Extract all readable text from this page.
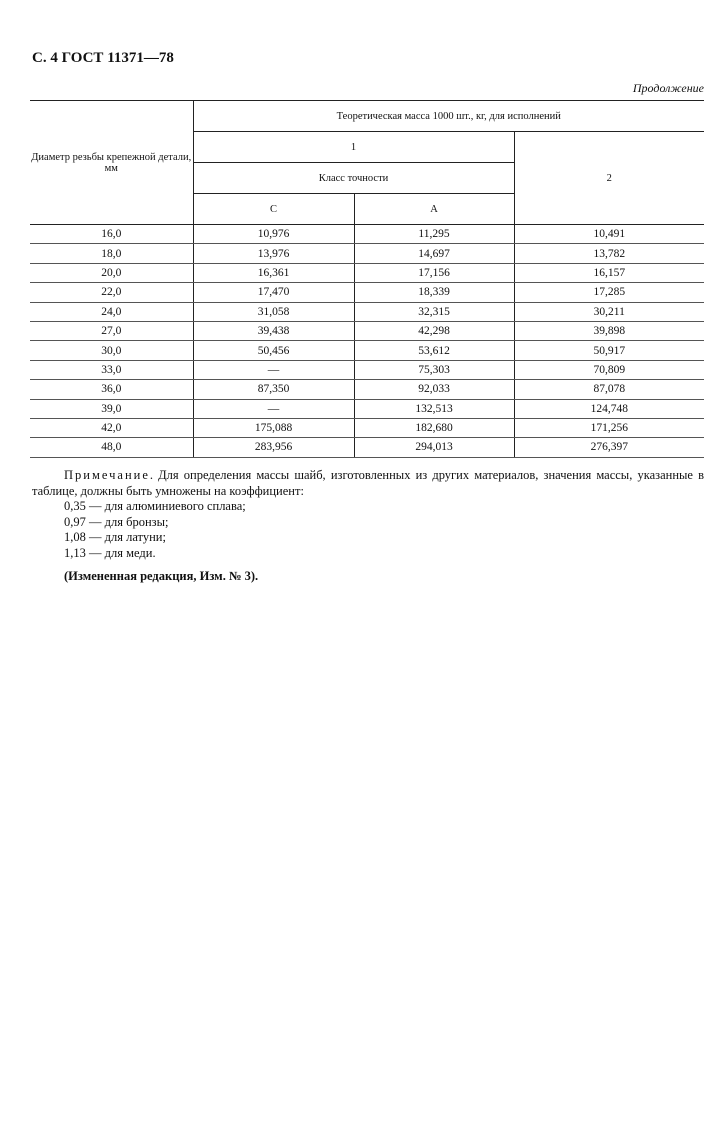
С. 4 ГОСТ 11371—78
Продолжение
Диаметр резьбы крепежной детали, мм	Теоретическая масса 1000 шт., кг, для исполнений		
	1		2
	Класс точности		
	C	A	
16,0	10,976	11,295	10,491
18,0	13,976	14,697	13,782
20,0	16,361	17,156	16,157
22,0	17,470	18,339	17,285
24,0	31,058	32,315	30,211
27,0	39,438	42,298	39,898
30,0	50,456	53,612	50,917
33,0	—	75,303	70,809
36,0	87,350	92,033	87,078
39,0	—	132,513	124,748
42,0	175,088	182,680	171,256
48,0	283,956	294,013	276,397
Примечание. Для определения массы шайб, изготовленных из других материалов, значения массы, указанные в таблице, должны быть умножены на коэффициент:
0,35 — для алюминиевого сплава;
0,97 — для бронзы;
1,08 — для латуни;
1,13 — для меди.
(Измененная редакция, Изм. № 3).
